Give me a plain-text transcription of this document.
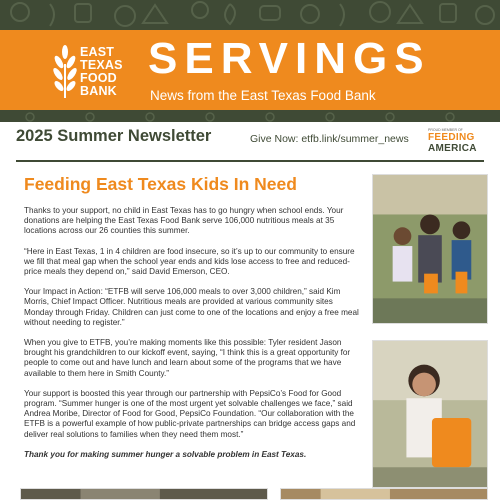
EAST
TEXAS
FOOD
BANK
SERVINGS
News from the East Texas Food Bank
2025 Summer Newsletter	Give Now: etfb.link/summer_news
PROUD MEMBER OF
FEEDING
AMERICA
Feeding East Texas Kids In Need

Thanks to your support, no child in East Texas has to go hungry when school ends. Your donations are helping the East Texas Food Bank serve 106,000 nutritious meals at 35 locations across our 26 counties this summer.

“Here in East Texas, 1 in 4 children are food insecure, so it’s up to our community to ensure we fill that meal gap when the school year ends and kids lose access to free and reduced-price meals they depend on,” said David Emerson, CEO.

Your Impact in Action: “ETFB will serve 106,000 meals to over 3,000 children,” said Kim Morris, Chief Impact Officer. Nutritious meals are provided at various community sites Monday through Friday. Children can just come to one of the locations and enjoy a free meal without needing to register.”

When you give to ETFB, you’re making moments like this possible: Tyler resident Jason brought his grandchildren to our kickoff event, saying, “I think this is a great opportunity for people to come out and have lunch and learn about some of the programs that we have available to them here in Smith County.”

Your support is boosted this year through our partnership with PepsiCo’s Food for Good program. “Summer hunger is one of the most urgent yet solvable challenges we face,” said Andrea Moribe, Director of Food for Good, PepsiCo Foundation. “Our collaboration with the ETFB is a powerful example of how public-private partnerships can bridge access gaps and deliver real solutions to families when they need them most.”

Thank you for making summer hunger a solvable problem in East Texas.
